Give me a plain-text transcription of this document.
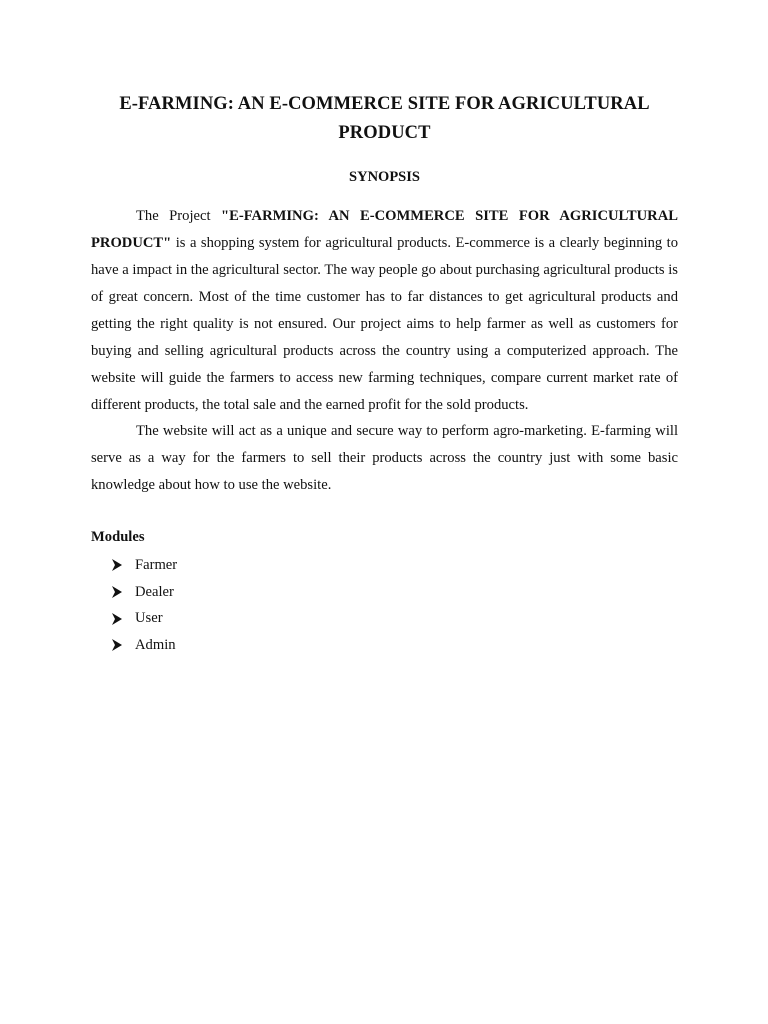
E-FARMING: AN E-COMMERCE SITE FOR AGRICULTURAL
PRODUCT
SYNOPSIS

The Project "E-FARMING: AN E-COMMERCE SITE FOR AGRICULTURAL PRODUCT" is a shopping system for agricultural products. E-commerce is a clearly beginning to have a impact in the agricultural sector. The way people go about purchasing agricultural products is of great concern. Most of the time customer has to far distances to get agricultural products and getting the right quality is not ensured. Our project aims to help farmer as well as customers for buying and selling agricultural products across the country using a computerized approach. The website will guide the farmers to access new farming techniques, compare current market rate of different products, the total sale and the earned profit for the sold products.

The website will act as a unique and secure way to perform agro-marketing. E-farming will serve as a way for the farmers to sell their products across the country just with some basic knowledge about how to use the website.

Modules
Farmer
Dealer
User
Admin
